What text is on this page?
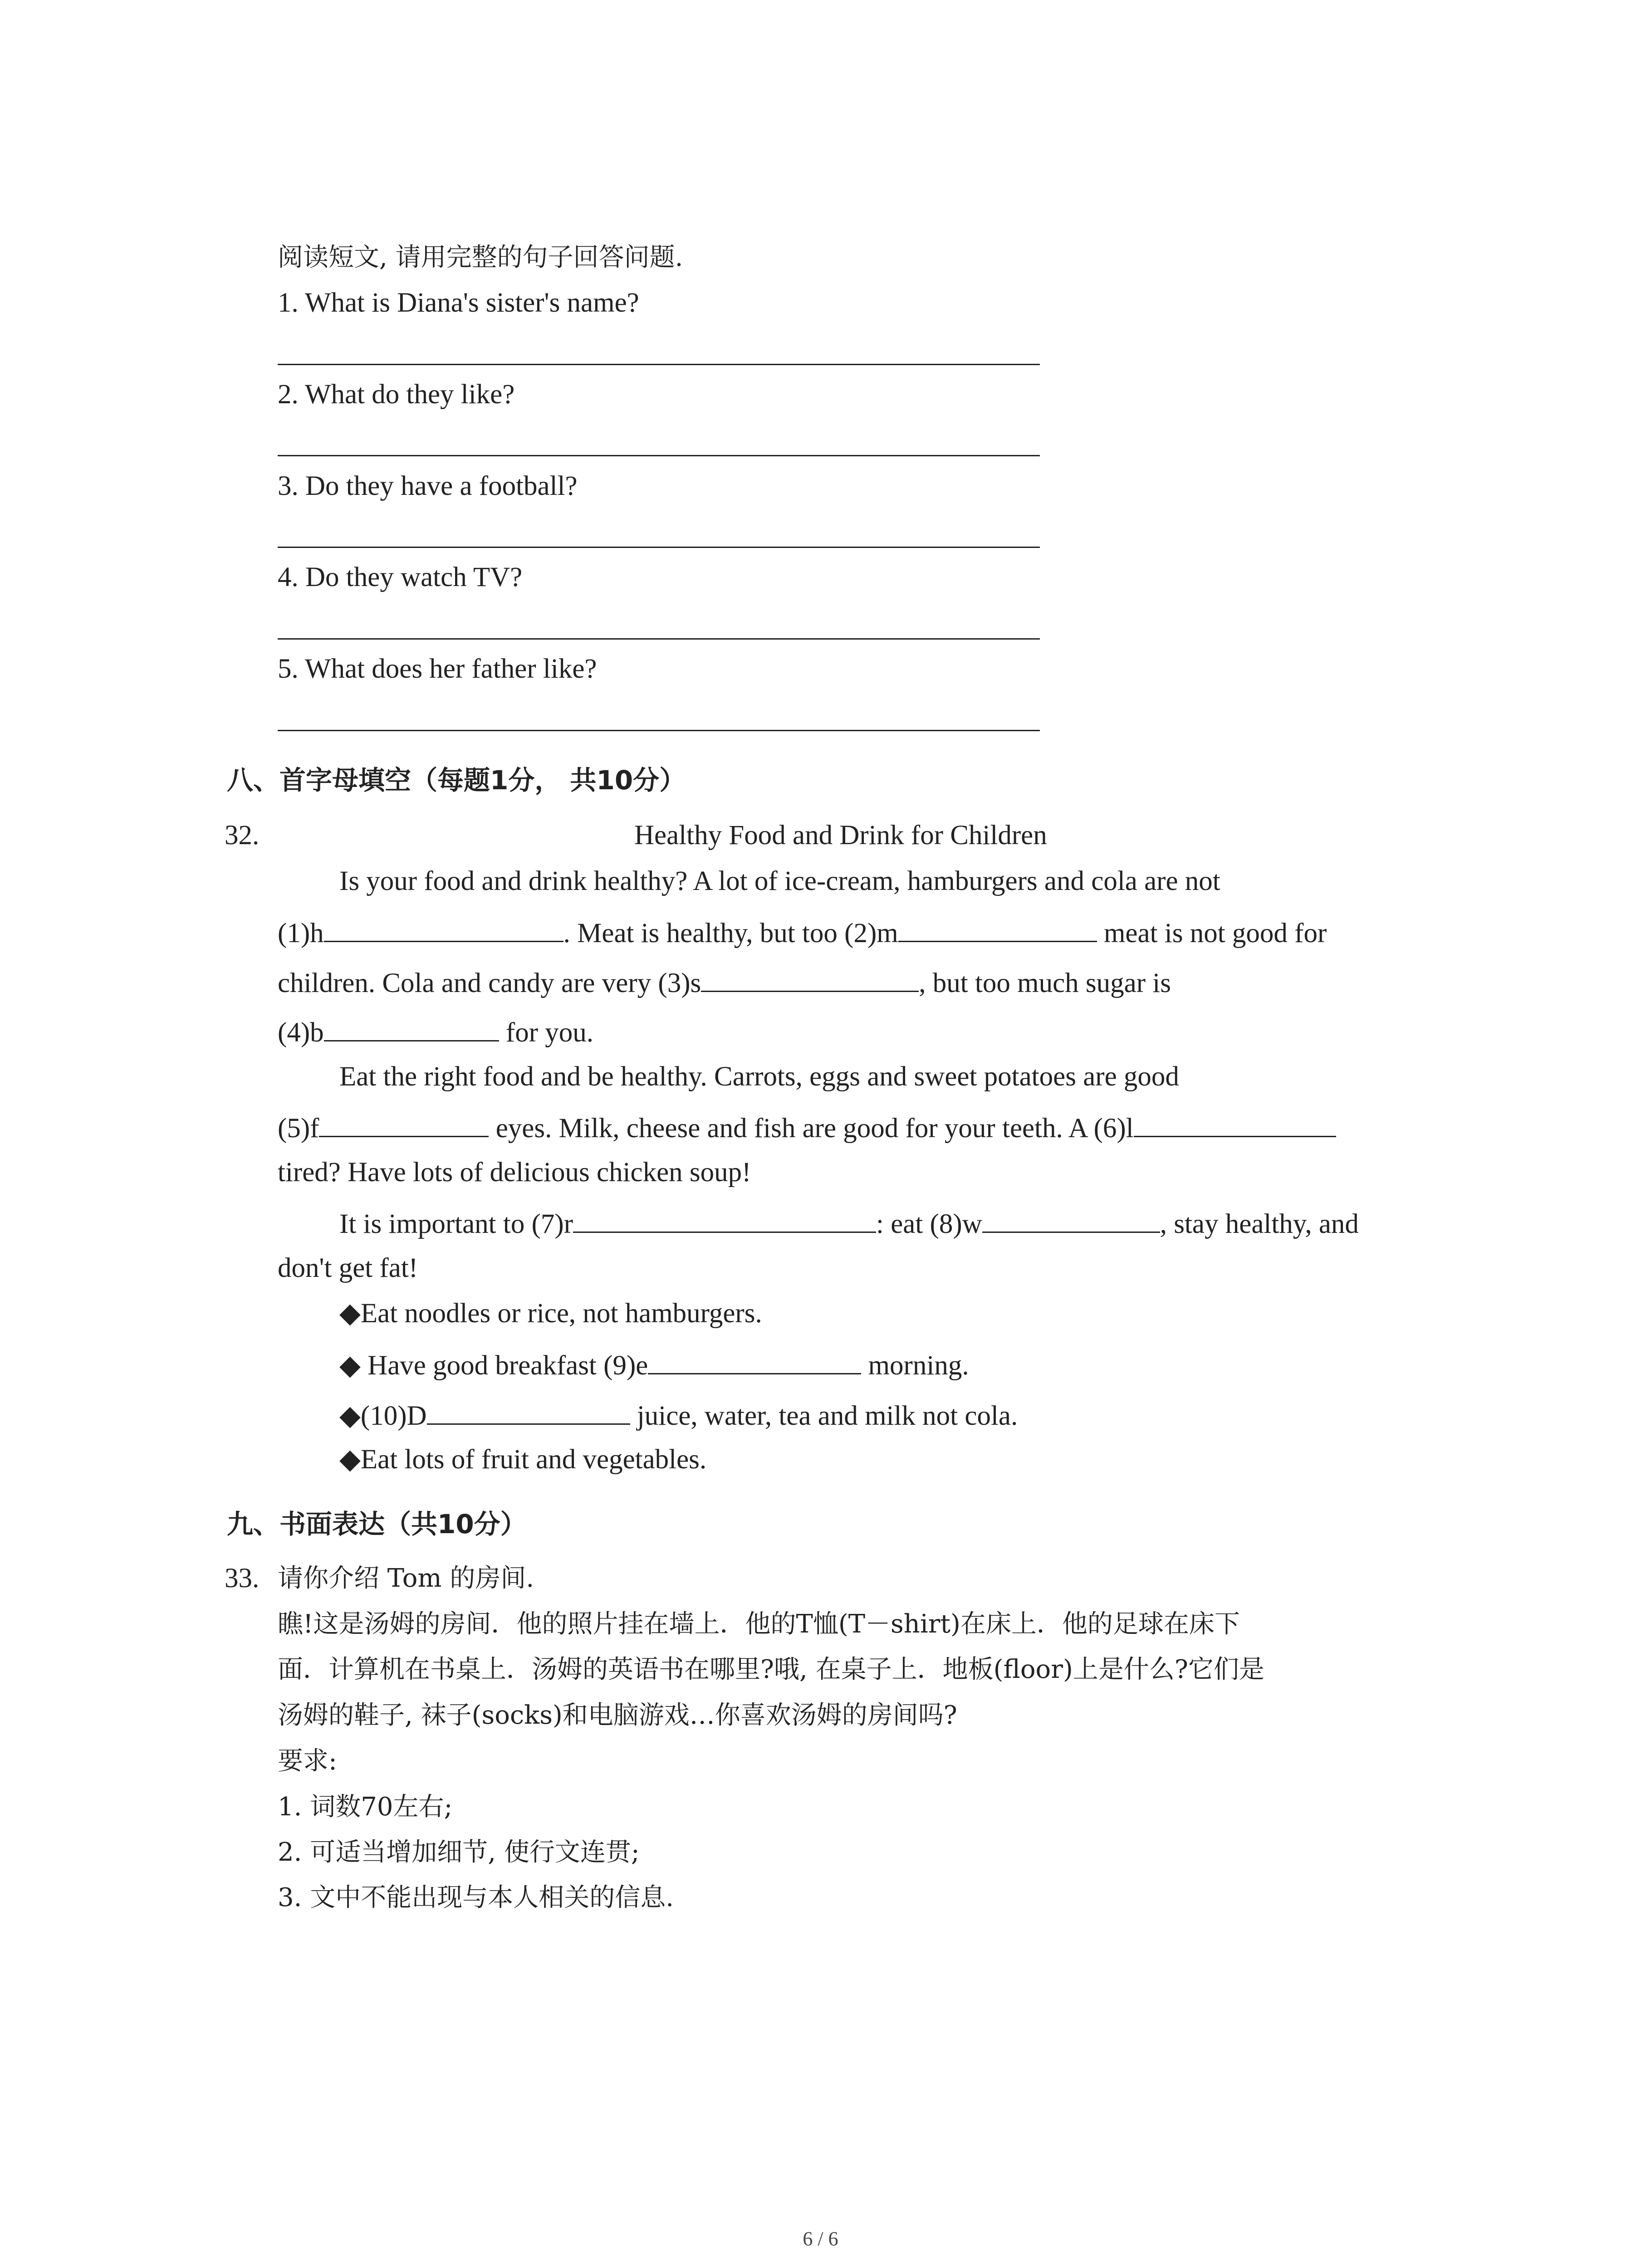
阅读短文, 请用完整的句子回答问题.
1. What is Diana's sister's name?
2. What do they like?
3. Do they have a football?
4. Do they watch TV?
5. What does her father like?
八、首字母填空（每题1分， 共10分）
32.	Healthy Food and Drink for Children
Is your food and drink healthy? A lot of ice-cream, hamburgers and cola are not
(1)h	. Meat is healthy, but too (2)m	meat is not good for
children. Cola and candy are very (3)s	, but too much sugar is
(4)b	for you.
Eat the right food and be healthy. Carrots, eggs and sweet potatoes are good
(5)f	eyes. Milk, cheese and fish are good for your teeth. A (6)l
tired? Have lots of delicious chicken soup!
It is important to (7)r	: eat (8)w	, stay healthy, and
don't get fat!
◆Eat noodles or rice, not hamburgers.
◆ Have good breakfast (9)e	morning.
◆(10)D	juice, water, tea and milk not cola.
◆Eat lots of fruit and vegetables.
九、书面表达（共10分）
33. 请你介绍 Tom 的房间.
瞧!这是汤姆的房间．他的照片挂在墙上．他的T恤(T－shirt)在床上．他的足球在床下
面．计算机在书桌上．汤姆的英语书在哪里?哦, 在桌子上．地板(floor)上是什么?它们是
汤姆的鞋子, 袜子(socks)和电脑游戏…你喜欢汤姆的房间吗?
要求:
1. 词数70左右;
2. 可适当增加细节, 使行文连贯;
3. 文中不能出现与本人相关的信息.
6 / 6
